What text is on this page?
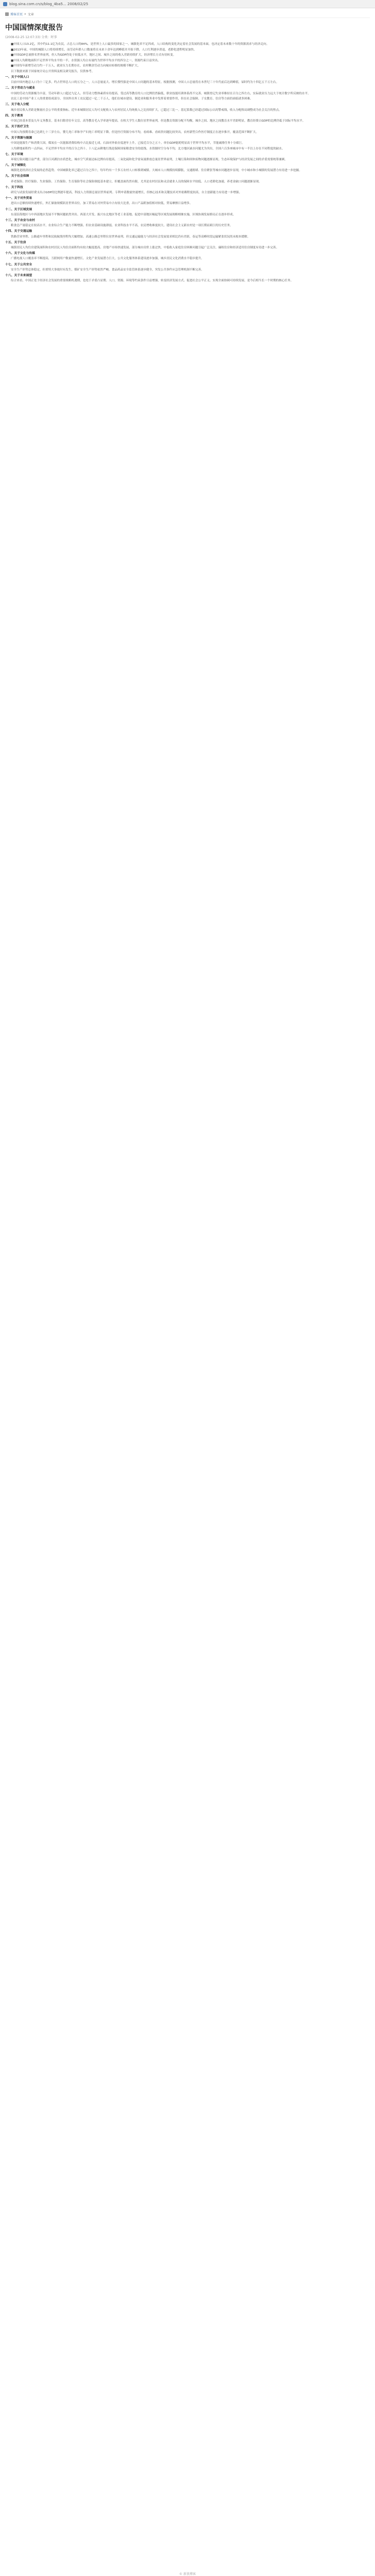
blog.sina.com.cn/s/blog_4ba5... 2008/02/25
博客首页 » 文章
中国国情深度报告
(2008-02-25 12:07:33) 分类：时事
■中国人口13.2亿，其中约11.1亿为农民，占总人口的84%，是世界上人口最多的国家之一。城镇化率不足四成，人口结构的变化决定着社会发展的基本面，也决定着未来数十年的资源需求与经济走向。
■2013年前，中国的城镇人口将持续增长，而劳动年龄人口数量将在未来十余年达到峰值并开始下降，人口红利逐步消退，老龄化进程明显加快。
■中国GDP总量排名世界前列，但人均GDP仍处于较低水平，地区之间、城乡之间的收入差距持续扩大，经济增长方式有待转变。
■中国人均耕地面积不足世界平均水平的一半，水资源人均占有量约为世界平均水平的四分之一，资源约束日益突出。
■中国每年新增劳动力约一千万人，就业压力长期存在，农村剩余劳动力向城市转移的规模不断扩大。
以下数据来源于国家统计局公开资料及相关研究报告，仅供参考。
一、关于中国人口
目前中国内地总人口为十三亿多，约占世界总人口的五分之一。人口总量庞大、增长惯性强是中国人口问题的基本特征。根据预测，中国人口总量将在本世纪三十年代前后达到峰值，届时约为十四亿五千万左右。
二、关于劳动力与就业
中国的劳动力资源极为丰富，劳动年龄人口超过九亿人。但劳动力整体素质有待提高，受过高等教育的人口比例仍然偏低，职业技能培训体系尚不完善。城镇登记失业率维持在百分之四左右，实际就业压力远大于统计数字所反映的水平。
农民工是中国产业工人的重要组成部分，全国外出务工农民超过一亿二千万人，他们在城市建设、制造业和服务业中发挥着重要作用，但在社会保障、子女教育、住房等方面仍面临诸多困难。
三、关于收入分配
城乡居民收入差距是衡量社会公平的重要指标。近年来城镇居民人均可支配收入与农村居民人均纯收入之比持续扩大，已超过三比一。基尼系数已经超过国际公认的警戒线，收入分配格局调整成为社会关注的焦点。
四、关于教育
中国已经基本普及九年义务教育，基本扫除青壮年文盲。高等教育毛入学率逐年提高，在校大学生人数位居世界前列。但是教育资源分配不均衡，城乡之间、地区之间教育水平差距明显，教育经费占GDP的比例仍低于国际平均水平。
五、关于医疗卫生
中国人均预期寿命已达到七十三岁左右，婴儿死亡率和孕产妇死亡率明显下降。但是医疗资源分布不均，看病难、看病贵问题比较突出，农村新型合作医疗制度正在逐步推开，覆盖范围不断扩大。
六、关于资源与能源
中国是能源生产和消费大国，煤炭在一次能源消费结构中占比接近七成。石油对外依存度逐年上升，已接近百分之五十。单位GDP能耗明显高于世界平均水平，节能减排任务十分艰巨。
人均耕地面积约一点四亩，不足世界平均水平的百分之四十。十八亿亩耕地红线是保障国家粮食安全的底线。水资源时空分布不均，北方地区缺水问题尤为突出，全国六百多座城市中有一半以上存在不同程度的缺水。
七、关于环境
环境污染问题日益严重，部分江河湖泊水质恶化，城市空气质量达标比例有待提高。二氧化硫和化学需氧量排放总量居世界前列，土壤污染和固体废物问题逐渐显现。生态环境保护与经济发展之间的矛盾需要统筹兼顾。
八、关于城镇化
城镇化是经济社会发展的必然趋势。中国城镇化率已超过百分之四十，每年约有一千多万农村人口转移到城镇。大城市人口规模持续膨胀，交通拥堵、住房紧张等城市问题逐步显现，中小城市和小城镇的发展潜力有待进一步挖掘。
九、关于社会保障
养老保险、医疗保险、失业保险、工伤保险、生育保险等社会保险制度基本建立，但覆盖面仍然有限，尤其是农村居民和灵活就业人员的保障水平较低。人口老龄化加速，养老金缺口问题逐渐显现。
十、关于科技
研究与试验发展经费支出占GDP的比例逐年提高，科技人力资源总量居世界前列。专利申请数量快速增长，但核心技术和关键技术对外依赖程度较高，自主创新能力有待进一步增强。
十一、关于对外贸易
进出口总额持续快速增长，外汇储备规模跃居世界首位。加工贸易在对外贸易中占有较大比重，出口产品附加值相对较低，贸易摩擦日益增多。
十二、关于区域发展
东部沿海地区与中西部地区发展不平衡问题依然突出。西部大开发、振兴东北地区等老工业基地、促进中部地区崛起等区域发展战略相继实施，区域协调发展格局正在逐步形成。
十三、关于农业与农村
粮食总产量稳定在较高水平，农业综合生产能力不断增强。但农业基础设施薄弱，农业科技水平不高，农民增收难度较大。建设社会主义新农村是一项长期而艰巨的历史任务。
十四、关于交通运输
铁路营业里程、公路通车里程和民航航线里程均大幅增加，高速公路总里程位居世界前列。但交通运输能力与经济社会发展需求相比仍有差距，春运等高峰时段运输紧张状况尚未根本缓解。
十五、关于住房
城镇居民人均住房建筑面积和农村居民人均住房面积均有较大幅度提高。房地产市场快速发展，部分城市房价上涨过快，中低收入家庭住房困难问题引起广泛关注，廉租住房和经济适用住房制度有待进一步完善。
十六、关于文化与传媒
广播电视人口覆盖率不断提高，互联网用户数量快速增长。文化产业发展潜力巨大，公共文化服务体系建设逐步加强，城乡居民文化消费水平稳步提升。
十七、关于公共安全
安全生产形势总体稳定，但重特大事故时有发生，煤矿安全生产形势依然严峻。食品药品安全监管体系逐步健全，突发公共事件应急管理机制不断完善。
十八、关于未来展望
综合来看，中国正处于经济社会发展的重要战略机遇期，也处于矛盾凸显期。人口、资源、环境等约束条件日益增强，转变经济发展方式、促进社会公平正义、实现全面协调可持续发展，是今后相当长一个时期的核心任务。
© 新浪博客
